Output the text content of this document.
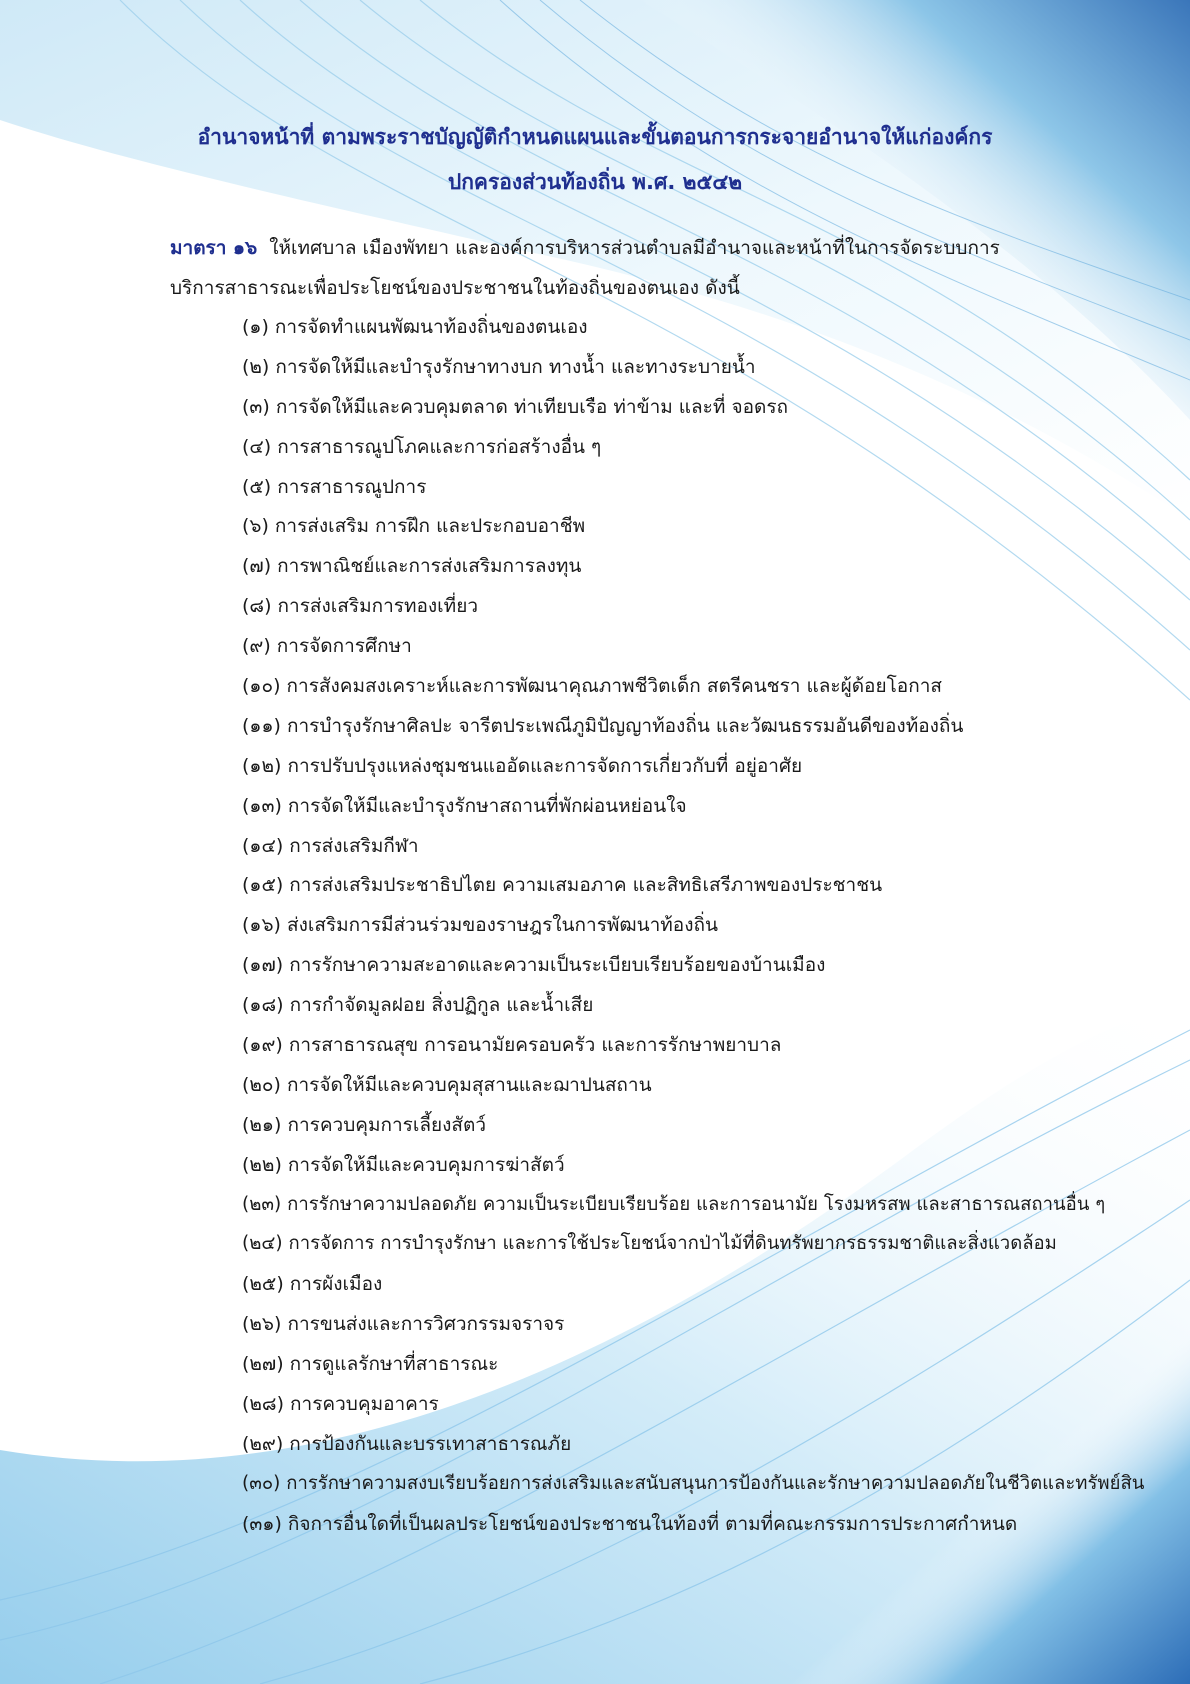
อำนาจหน้าที่ ตามพระราชบัญญัติกำหนดแผนและขั้นตอนการกระจายอำนาจให้แก่องค์กร
ปกครองส่วนท้องถิ่น พ.ศ. ๒๕๔๒
มาตรา ๑๖ ให้เทศบาล เมืองพัทยา และองค์การบริหารส่วนตำบลมีอำนาจและหน้าที่ในการจัดระบบการ
บริการสาธารณะเพื่อประโยชน์ของประชาชนในท้องถิ่นของตนเอง ดังนี้
(๑) การจัดทำแผนพัฒนาท้องถิ่นของตนเอง
(๒) การจัดให้มีและบำรุงรักษาทางบก ทางน้ำ และทางระบายน้ำ
(๓) การจัดให้มีและควบคุมตลาด ท่าเทียบเรือ ท่าข้าม และที่ จอดรถ
(๔) การสาธารณูปโภคและการก่อสร้างอื่น ๆ
(๕) การสาธารณูปการ
(๖) การส่งเสริม การฝึก และประกอบอาชีพ
(๗) การพาณิชย์และการส่งเสริมการลงทุน
(๘) การส่งเสริมการทองเที่ยว
(๙) การจัดการศึกษา
(๑๐) การสังคมสงเคราะห์และการพัฒนาคุณภาพชีวิตเด็ก สตรีคนชรา และผู้ด้อยโอกาส
(๑๑) การบำรุงรักษาศิลปะ จารีตประเพณีภูมิปัญญาท้องถิ่น และวัฒนธรรมอันดีของท้องถิ่น
(๑๒) การปรับปรุงแหล่งชุมชนแออัดและการจัดการเกี่ยวกับที่ อยู่อาศัย
(๑๓) การจัดให้มีและบำรุงรักษาสถานที่พักผ่อนหย่อนใจ
(๑๔) การส่งเสริมกีฬา
(๑๕) การส่งเสริมประชาธิปไตย ความเสมอภาค และสิทธิเสรีภาพของประชาชน
(๑๖) ส่งเสริมการมีส่วนร่วมของราษฎรในการพัฒนาท้องถิ่น
(๑๗) การรักษาความสะอาดและความเป็นระเบียบเรียบร้อยของบ้านเมือง
(๑๘) การกำจัดมูลฝอย สิ่งปฏิกูล และน้ำเสีย
(๑๙) การสาธารณสุข การอนามัยครอบครัว และการรักษาพยาบาล
(๒๐) การจัดให้มีและควบคุมสุสานและฌาปนสถาน
(๒๑) การควบคุมการเลี้ยงสัตว์
(๒๒) การจัดให้มีและควบคุมการฆ่าสัตว์
(๒๓) การรักษาความปลอดภัย ความเป็นระเบียบเรียบร้อย และการอนามัย โรงมหรสพ และสาธารณสถานอื่น ๆ
(๒๔) การจัดการ การบำรุงรักษา และการใช้ประโยชน์จากป่าไม้ที่ดินทรัพยากรธรรมชาติและสิ่งแวดล้อม
(๒๕) การผังเมือง
(๒๖) การขนส่งและการวิศวกรรมจราจร
(๒๗) การดูแลรักษาที่สาธารณะ
(๒๘) การควบคุมอาคาร
(๒๙) การป้องกันและบรรเทาสาธารณภัย
(๓๐) การรักษาความสงบเรียบร้อยการส่งเสริมและสนับสนุนการป้องกันและรักษาความปลอดภัยในชีวิตและทรัพย์สิน
(๓๑) กิจการอื่นใดที่เป็นผลประโยชน์ของประชาชนในท้องที่ ตามที่คณะกรรมการประกาศกำหนด
